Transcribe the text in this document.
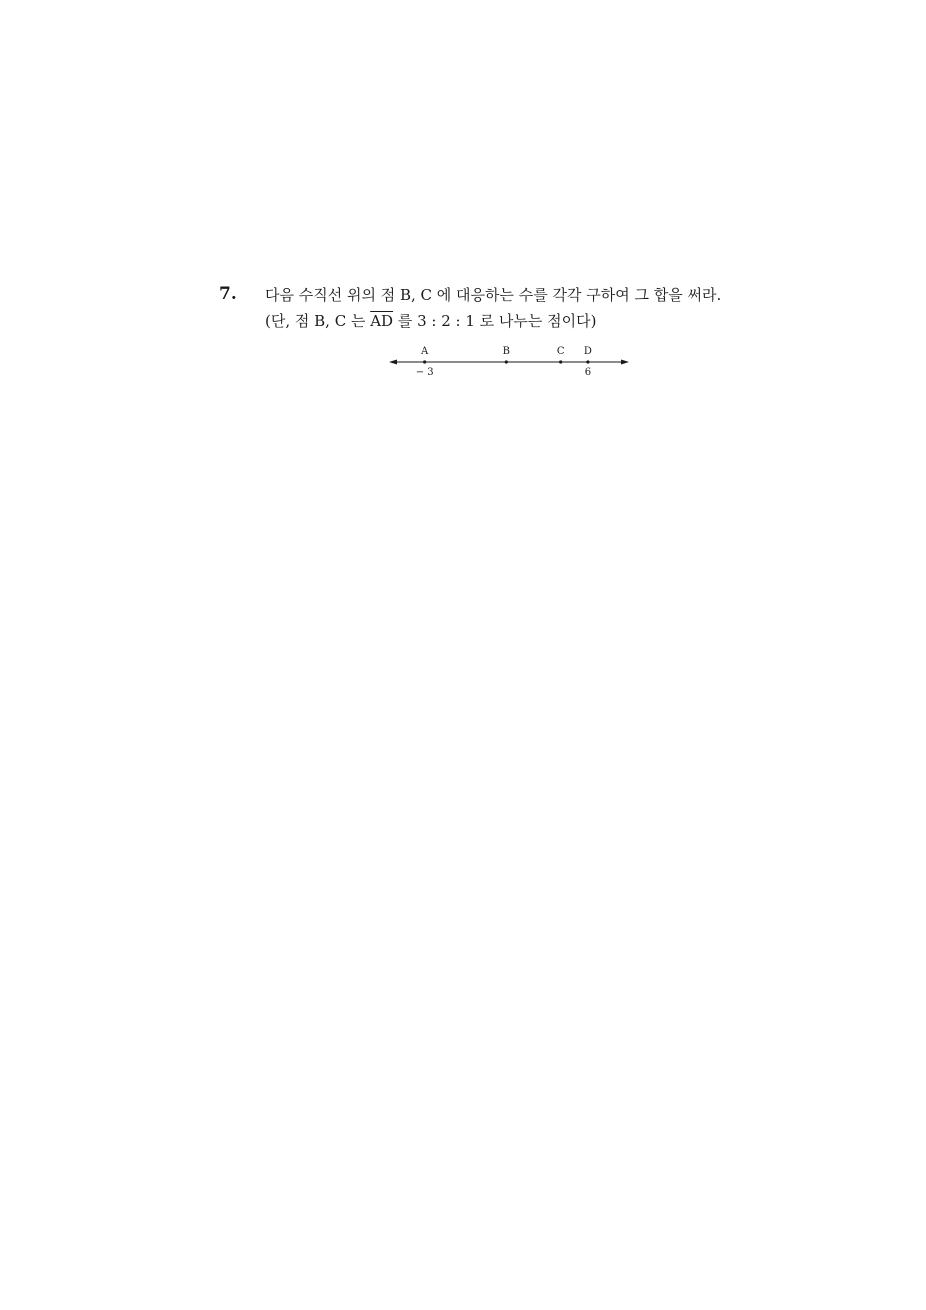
7. 다음 수직선 위의 점 B, C 에 대응하는 수를 각각 구하여 그 합을 써라.
(단, 점 B, C 는 $\overline{AD}$ 를 3 : 2 : 1 로 나누는 점이다)
A
− 3
B	C D
6
